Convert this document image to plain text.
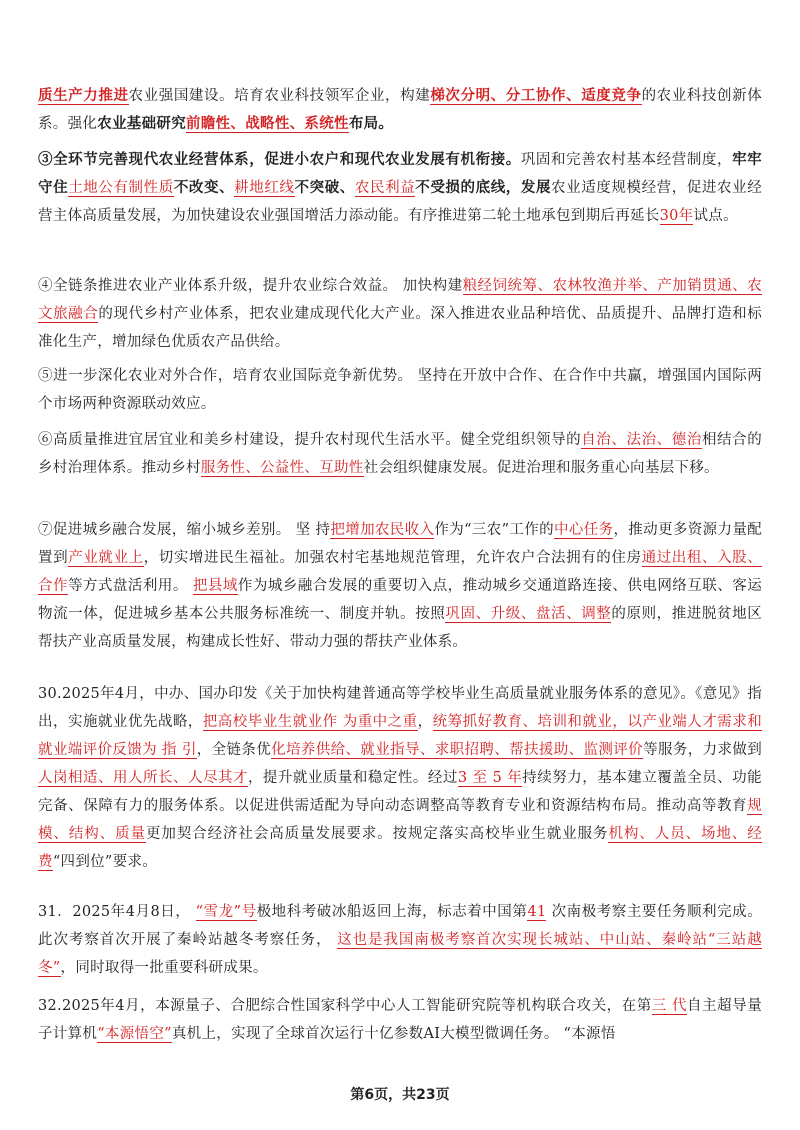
质生产力推进农业强国建设。培育农业科技领军企业，构建梯次分明、分工协作、适度竞争的农业科技创新体系。强化农业基础研究前瞻性、战略性、系统性布局。

③全环节完善现代农业经营体系，促进小农户和现代农业发展有机衔接。巩固和完善农村基本经营制度，牢牢守住土地公有制性质不改变、耕地红线不突破、农民利益不受损的底线，发展农业适度规模经营，促进农业经营主体高质量发展，为加快建设农业强国增活力添动能。有序推进第二轮土地承包到期后再延长30年试点。

④全链条推进农业产业体系升级，提升农业综合效益。 加快构建粮经饲统筹、农林牧渔并举、产加销贯通、农文旅融合的现代乡村产业体系，把农业建成现代化大产业。深入推进农业品种培优、品质提升、品牌打造和标准化生产，增加绿色优质农产品供给。

⑤进一步深化农业对外合作，培育农业国际竞争新优势。 坚持在开放中合作、在合作中共赢，增强国内国际两个市场两种资源联动效应。

⑥高质量推进宜居宜业和美乡村建设，提升农村现代生活水平。健全党组织领导的自治、法治、德治相结合的乡村治理体系。推动乡村服务性、公益性、互助性社会组织健康发展。促进治理和服务重心向基层下移。

⑦促进城乡融合发展，缩小城乡差别。 坚 持把增加农民收入作为“三农”工作的中心任务，推动更多资源力量配置到产业就业上，切实增进民生福祉。加强农村宅基地规范管理，允许农户合法拥有的住房通过出租、入股、合作等方式盘活利用。 把县域作为城乡融合发展的重要切入点，推动城乡交通道路连接、供电网络互联、客运物流一体，促进城乡基本公共服务标准统一、制度并轨。按照巩固、升级、盘活、调整的原则，推进脱贫地区帮扶产业高质量发展，构建成长性好、带动力强的帮扶产业体系。

30.2025年4月，中办、国办印发《关于加快构建普通高等学校毕业生高质量就业服务体系的意见》。《意见》指出，实施就业优先战略，把高校毕业生就业作 为重中之重，统筹抓好教育、培训和就业，以产业端人才需求和就业端评价反馈为 指 引，全链条优化培养供给、就业指导、求职招聘、帮扶援助、监测评价等服务，力求做到人岗相适、用人所长、人尽其才，提升就业质量和稳定性。经过3 至 5 年持续努力，基本建立覆盖全员、功能完备、保障有力的服务体系。以促进供需适配为导向动态调整高等教育专业和资源结构布局。推动高等教育规模、结构、质量更加契合经济社会高质量发展要求。按规定落实高校毕业生就业服务机构、人员、场地、经费“四到位”要求。

31．2025年4月8日， “雪龙”号极地科考破冰船返回上海，标志着中国第41 次南极考察主要任务顺利完成。此次考察首次开展了秦岭站越冬考察任务， 这也是我国南极考察首次实现长城站、中山站、秦岭站“三站越冬”，同时取得一批重要科研成果。

32.2025年4月，本源量子、合肥综合性国家科学中心人工智能研究院等机构联合攻关，在第三 代自主超导量子计算机“本源悟空”真机上，实现了全球首次运行十亿参数AI大模型微调任务。 “本源悟

第6页，共23页
